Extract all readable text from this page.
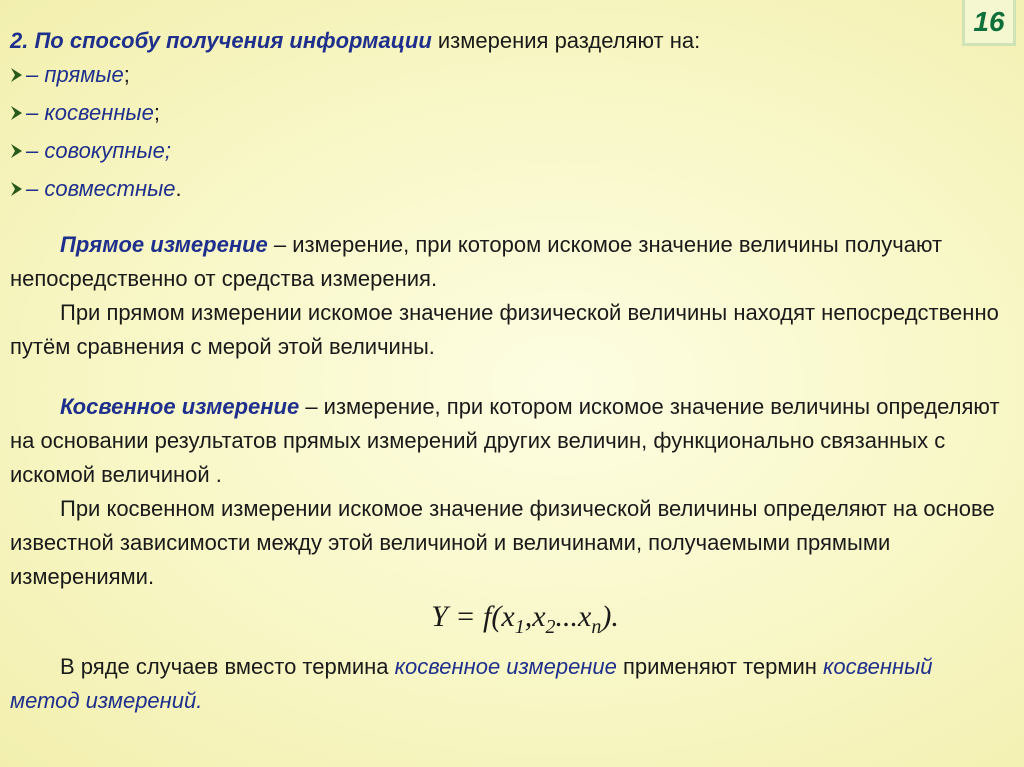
16

2. По способу получения информации измерения разделяют на:

– прямые ;
– косвенные ;
– совокупные;
– совместные .

Прямое измерение – измерение, при котором искомое значение величины получают непосредственно от средства измерения.

При прямом измерении искомое значение физической величины находят непосредственно путём сравнения с мерой этой величины.

Косвенное измерение – измерение, при котором искомое значение величины определяют на основании результатов прямых измерений других величин, функционально связанных с искомой величиной .

При косвенном измерении искомое значение физической величины определяют на основе известной зависимости между этой величиной и величинами, получаемыми прямыми измерениями.

$Y = f(x_1,x_2...x_n)$.

В ряде случаев вместо термина косвенное измерение применяют термин косвенный метод измерений.
